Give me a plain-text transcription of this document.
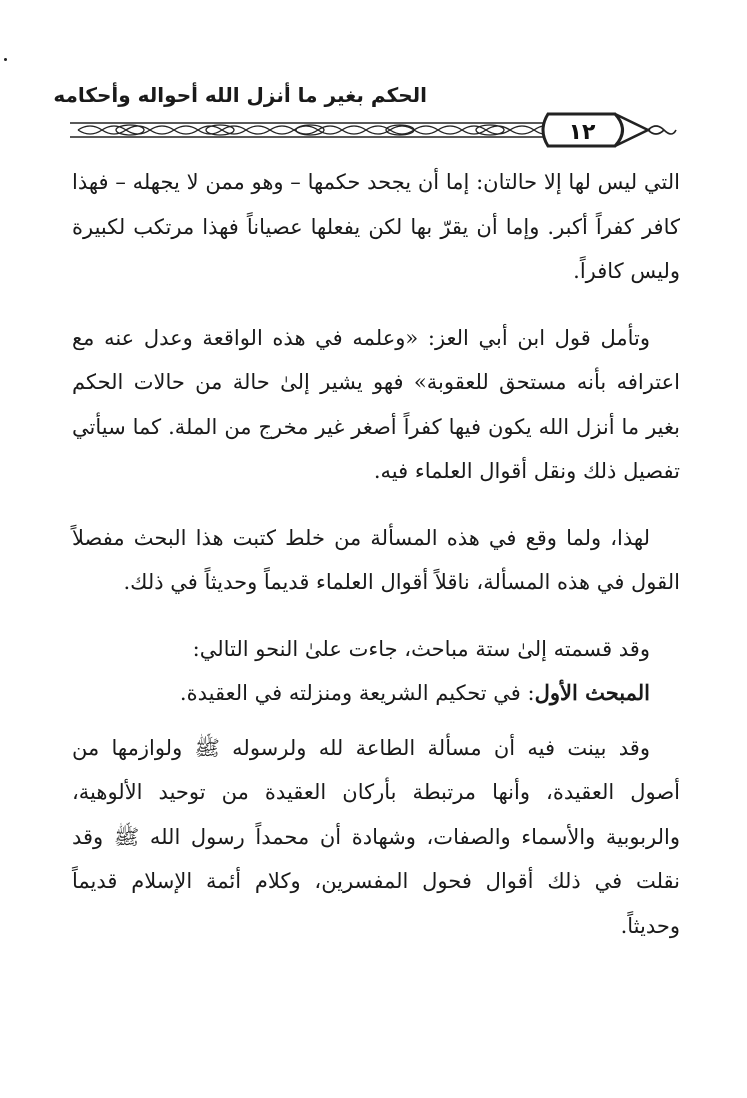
الحكم بغير ما أنزل الله أحواله وأحكامه
١٢

التي ليس لها إلا حالتان: إما أن يجحد حكمها – وهو ممن لا يجهله – فهذا كافر كفراً أكبر. وإما أن يقرّ بها لكن يفعلها عصياناً فهذا مرتكب لكبيرة وليس كافراً.

وتأمل قول ابن أبي العز: «وعلمه في هذه الواقعة وعدل عنه مع اعترافه بأنه مستحق للعقوبة» فهو يشير إلىٰ حالة من حالات الحكم بغير ما أنزل الله يكون فيها كفراً أصغر غير مخرج من الملة. كما سيأتي تفصيل ذلك ونقل أقوال العلماء فيه.

لهذا، ولما وقع في هذه المسألة من خلط كتبت هذا البحث مفصلاً القول في هذه المسألة، ناقلاً أقوال العلماء قديماً وحديثاً في ذلك.

وقد قسمته إلىٰ ستة مباحث، جاءت علىٰ النحو التالي:

المبحث الأول: في تحكيم الشريعة ومنزلته في العقيدة.

وقد بينت فيه أن مسألة الطاعة لله ولرسوله ﷺ ولوازمها من أصول العقيدة، وأنها مرتبطة بأركان العقيدة من توحيد الألوهية، والربوبية والأسماء والصفات، وشهادة أن محمداً رسول الله ﷺ وقد نقلت في ذلك أقوال فحول المفسرين، وكلام أئمة الإسلام قديماً وحديثاً.
